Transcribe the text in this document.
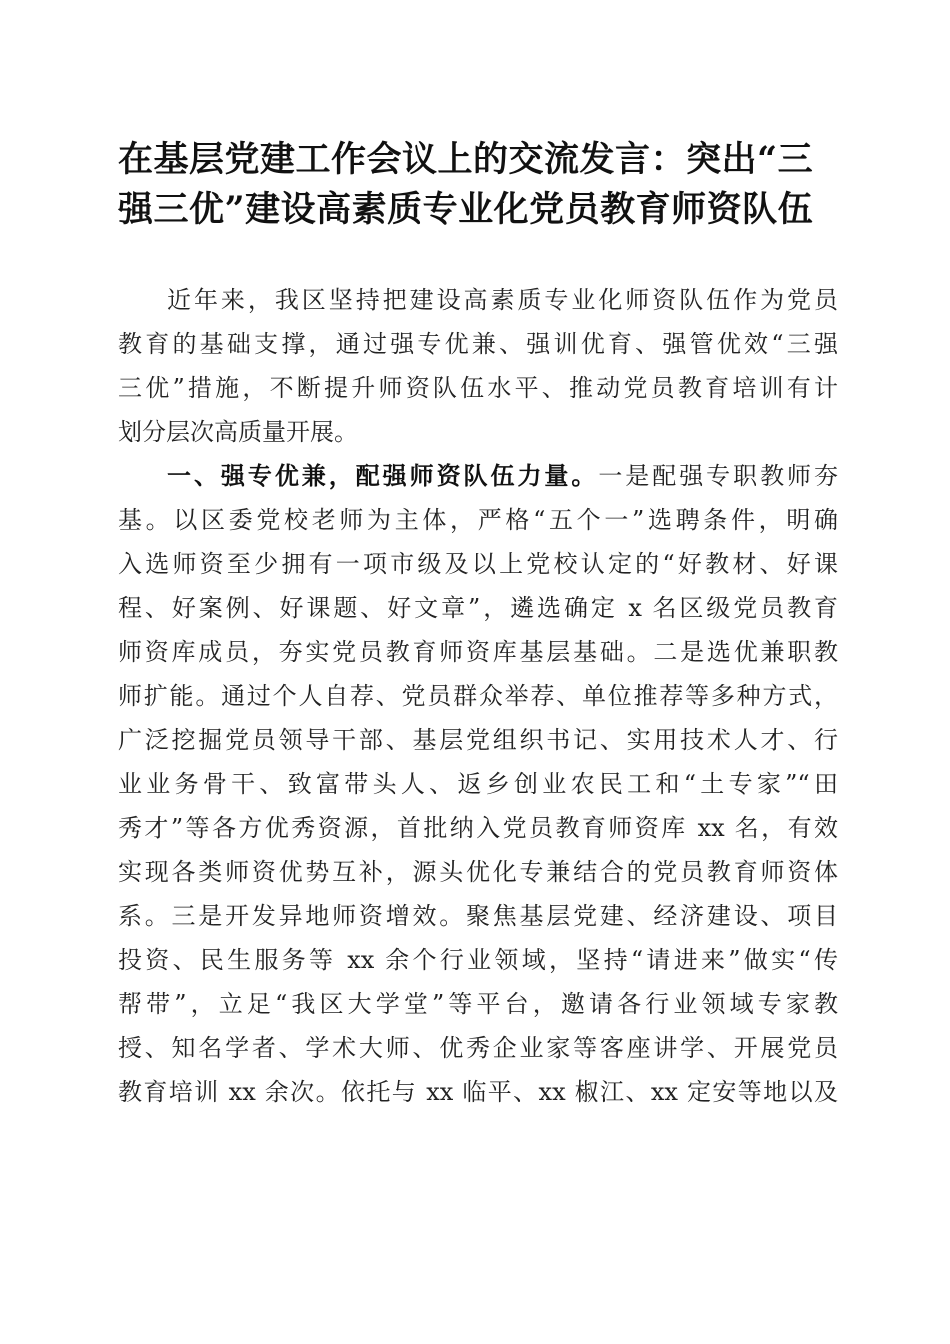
在基层党建工作会议上的交流发言：突出“三
强三优”建设高素质专业化党员教育师资队伍
近年来，我区坚持把建设高素质专业化师资队伍作为党员
教育的基础支撑，通过强专优兼、强训优育、强管优效“三强
三优”措施，不断提升师资队伍水平、推动党员教育培训有计
划分层次高质量开展。
一、强专优兼，配强师资队伍力量。一是配强专职教师夯
基。以区委党校老师为主体，严格“五个一”选聘条件，明确
入选师资至少拥有一项市级及以上党校认定的“好教材、好课
程、好案例、好课题、好文章”，遴选确定 x 名区级党员教育
师资库成员，夯实党员教育师资库基层基础。二是选优兼职教
师扩能。通过个人自荐、党员群众举荐、单位推荐等多种方式，
广泛挖掘党员领导干部、基层党组织书记、实用技术人才、行
业业务骨干、致富带头人、返乡创业农民工和“土专家”“田
秀才”等各方优秀资源，首批纳入党员教育师资库 xx 名，有效
实现各类师资优势互补，源头优化专兼结合的党员教育师资体
系。三是开发异地师资增效。聚焦基层党建、经济建设、项目
投资、民生服务等 xx 余个行业领域，坚持“请进来”做实“传
帮带”，立足“我区大学堂”等平台，邀请各行业领域专家教
授、知名学者、学术大师、优秀企业家等客座讲学、开展党员
教育培训 xx 余次。依托与 xx 临平、xx 椒江、xx 定安等地以及
